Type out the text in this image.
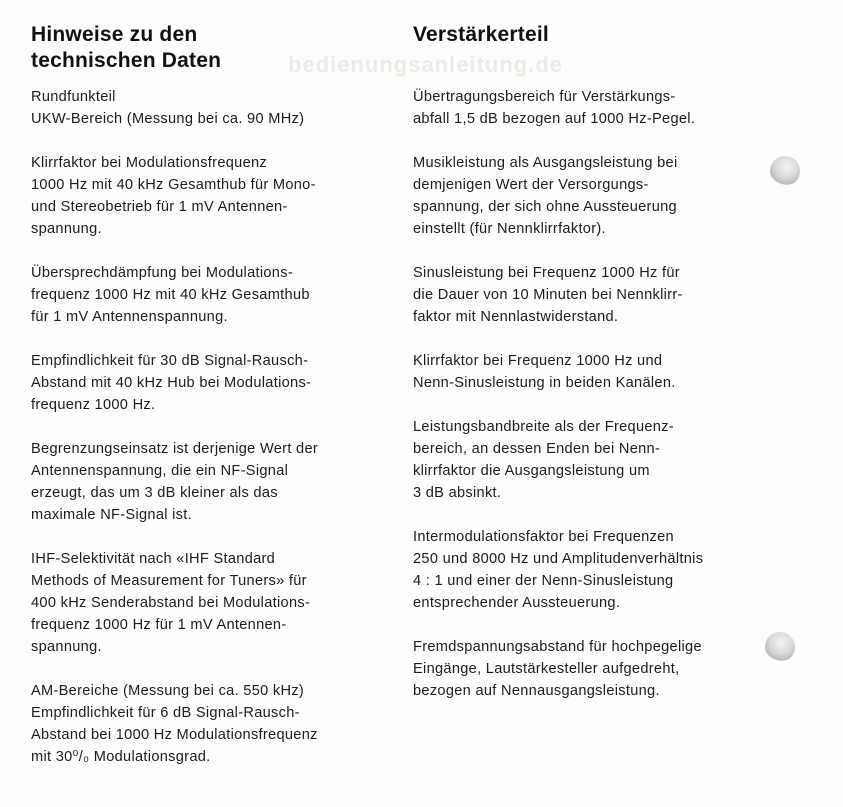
bedienungsanleitung.de
Hinweise zu den
technischen Daten
Rundfunkteil
UKW-Bereich (Messung bei ca. 90 MHz)
Klirrfaktor bei Modulationsfrequenz
1000 Hz mit 40 kHz Gesamthub für Mono-
und Stereobetrieb für 1 mV Antennen-
spannung.
Übersprechdämpfung bei Modulations-
frequenz 1000 Hz mit 40 kHz Gesamthub
für 1 mV Antennenspannung.
Empfindlichkeit für 30 dB Signal-Rausch-
Abstand mit 40 kHz Hub bei Modulations-
frequenz 1000 Hz.
Begrenzungseinsatz ist derjenige Wert der
Antennenspannung, die ein NF-Signal
erzeugt, das um 3 dB kleiner als das
maximale NF-Signal ist.
IHF-Selektivität nach «IHF Standard
Methods of Measurement for Tuners» für
400 kHz Senderabstand bei Modulations-
frequenz 1000 Hz für 1 mV Antennen-
spannung.
AM-Bereiche (Messung bei ca. 550 kHz)
Empfindlichkeit für 6 dB Signal-Rausch-
Abstand bei 1000 Hz Modulationsfrequenz
mit 30⁰/₀ Modulationsgrad.
Verstärkerteil

Übertragungsbereich für Verstärkungs-
abfall 1,5 dB bezogen auf 1000 Hz-Pegel.
Musikleistung als Ausgangsleistung bei
demjenigen Wert der Versorgungs-
spannung, der sich ohne Aussteuerung
einstellt (für Nennklirrfaktor).
Sinusleistung bei Frequenz 1000 Hz für
die Dauer von 10 Minuten bei Nennklirr-
faktor mit Nennlastwiderstand.
Klirrfaktor bei Frequenz 1000 Hz und
Nenn-Sinusleistung in beiden Kanälen.
Leistungsbandbreite als der Frequenz-
bereich, an dessen Enden bei Nenn-
klirrfaktor die Ausgangsleistung um
3 dB absinkt.
Intermodulationsfaktor bei Frequenzen
250 und 8000 Hz und Amplitudenverhältnis
4 : 1 und einer der Nenn-Sinusleistung
entsprechender Aussteuerung.
Fremdspannungsabstand für hochpegelige
Eingänge, Lautstärkesteller aufgedreht,
bezogen auf Nennausgangsleistung.
